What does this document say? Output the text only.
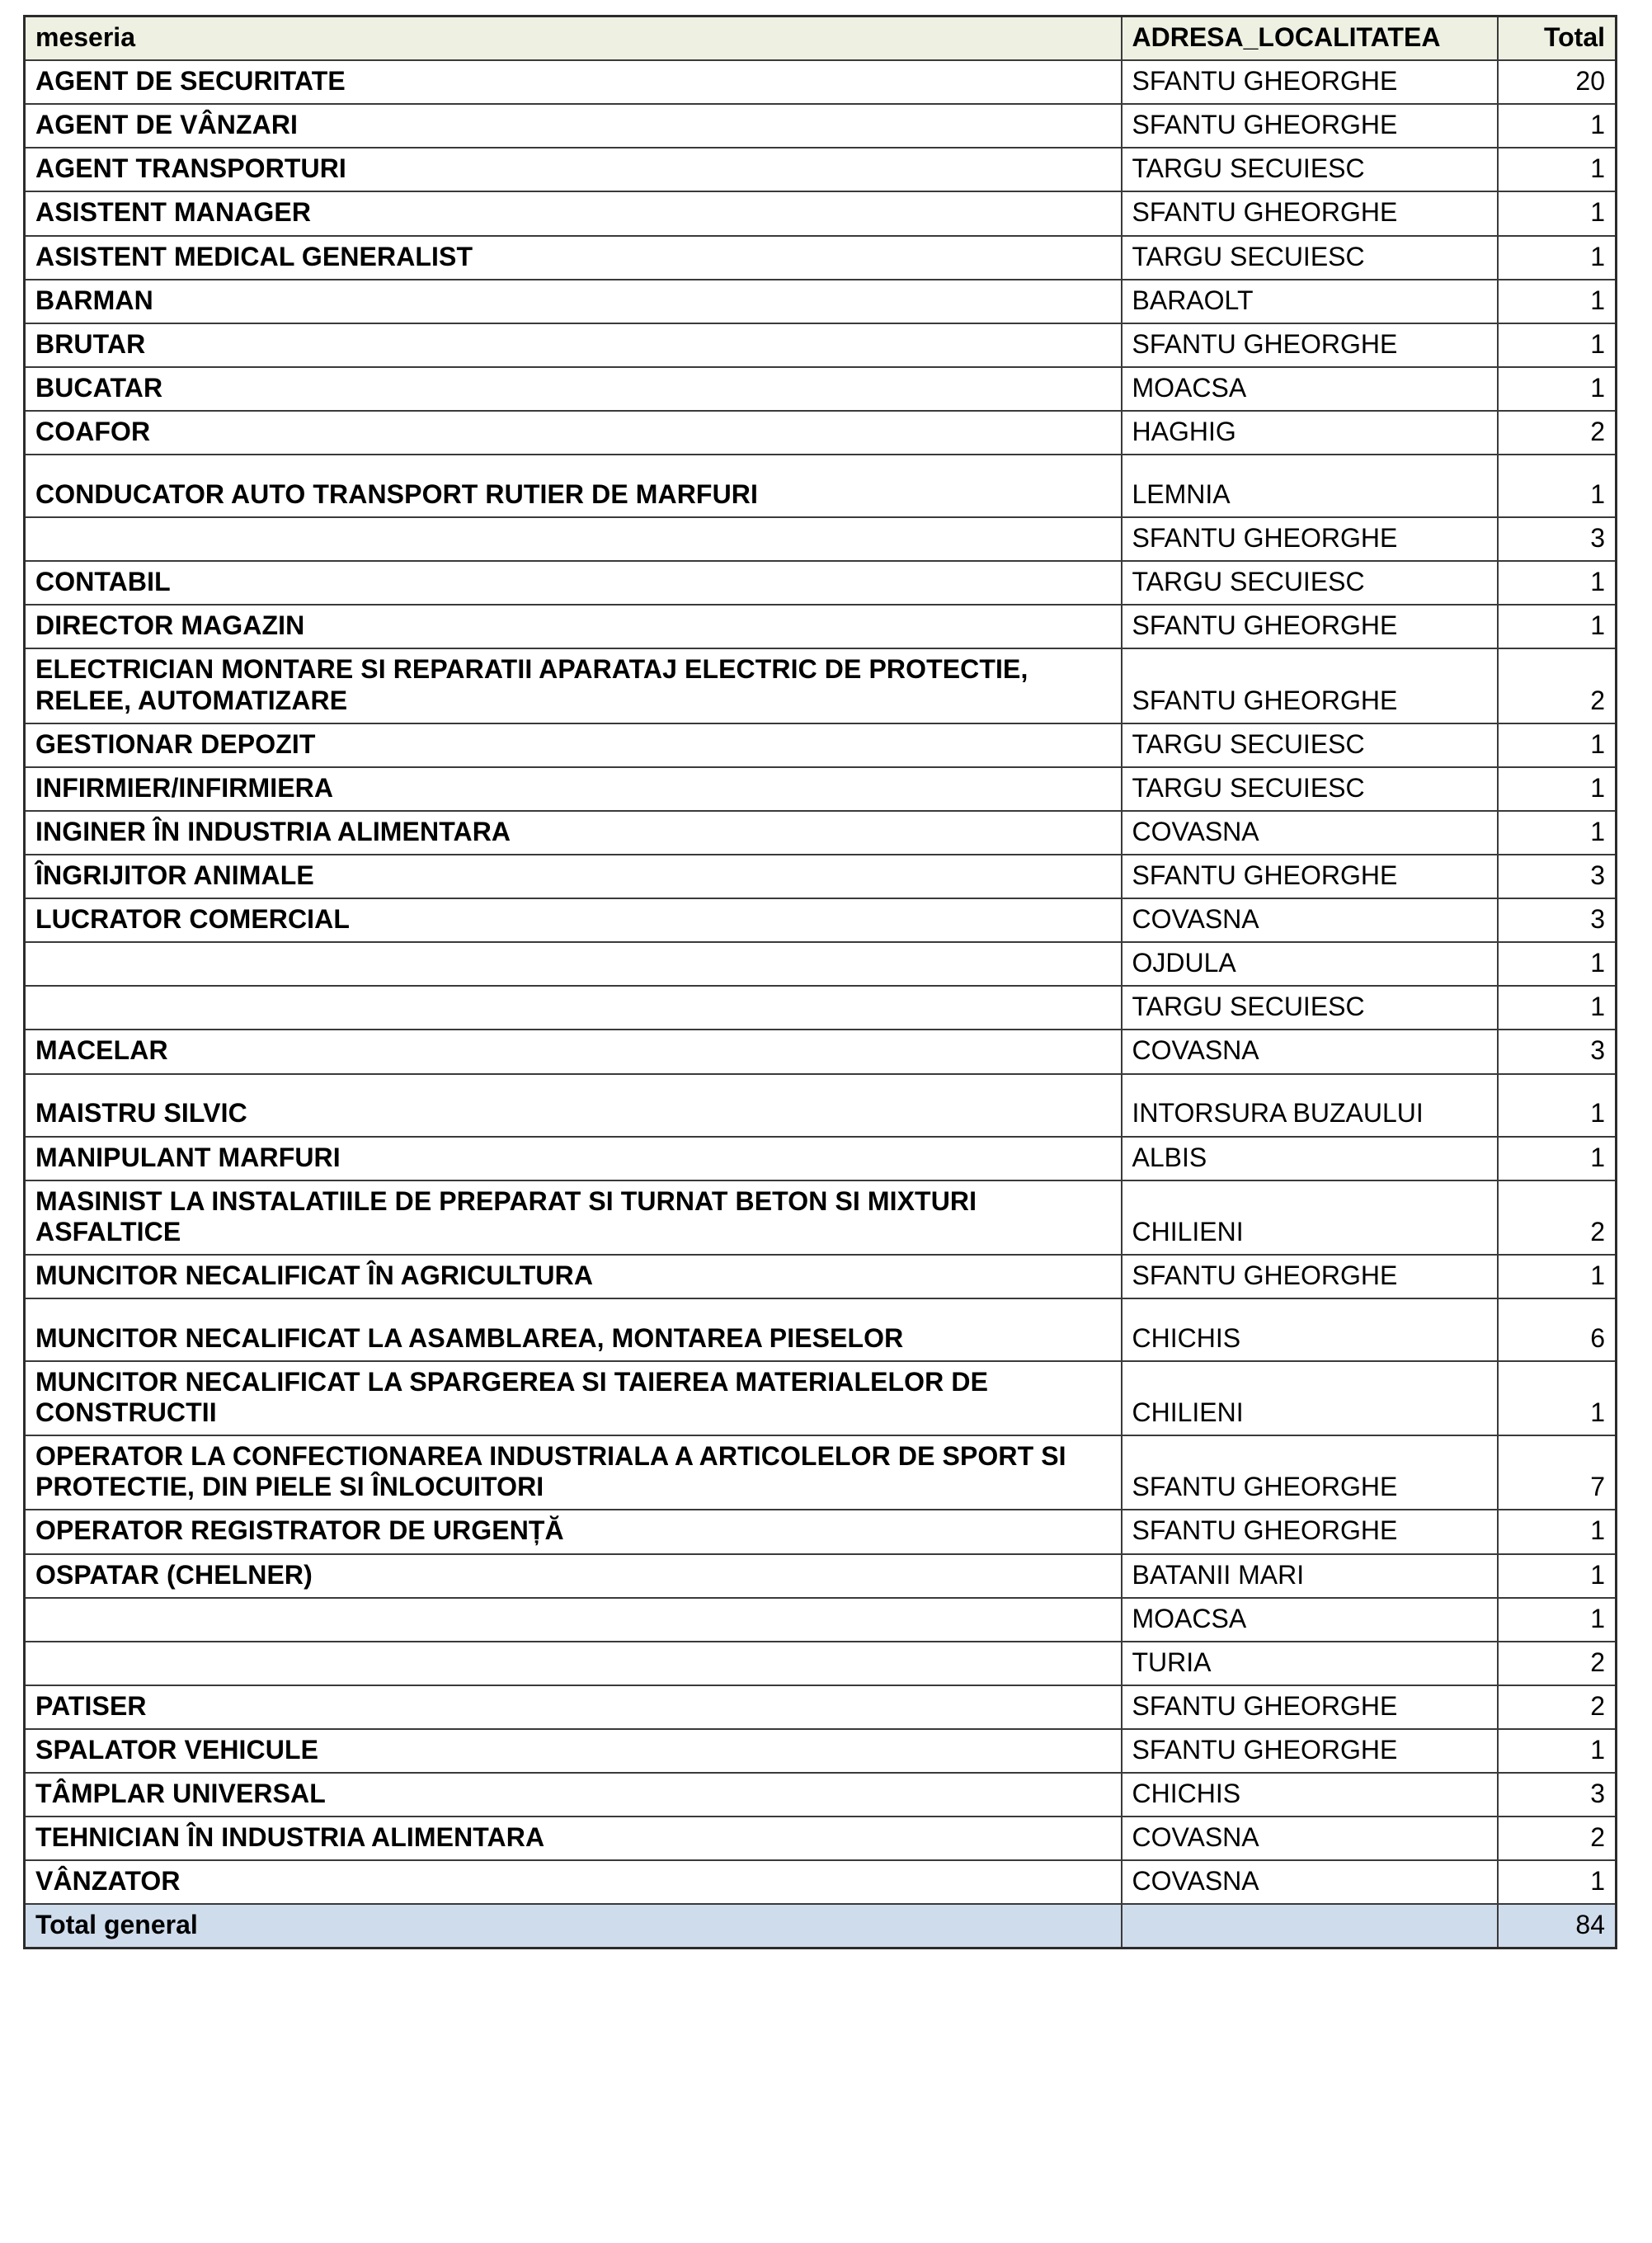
meseria	ADRESA_LOCALITATEA	Total
AGENT DE SECURITATE	SFANTU GHEORGHE	20
AGENT DE VÂNZARI	SFANTU GHEORGHE	1
AGENT TRANSPORTURI	TARGU SECUIESC	1
ASISTENT MANAGER	SFANTU GHEORGHE	1
ASISTENT MEDICAL GENERALIST	TARGU SECUIESC	1
BARMAN	BARAOLT	1
BRUTAR	SFANTU GHEORGHE	1
BUCATAR	MOACSA	1
COAFOR	HAGHIG	2
CONDUCATOR AUTO TRANSPORT RUTIER DE MARFURI	LEMNIA	1
	SFANTU GHEORGHE	3
CONTABIL	TARGU SECUIESC	1
DIRECTOR MAGAZIN	SFANTU GHEORGHE	1
ELECTRICIAN MONTARE SI REPARATII APARATAJ ELECTRIC DE PROTECTIE, RELEE, AUTOMATIZARE	SFANTU GHEORGHE	2
GESTIONAR DEPOZIT	TARGU SECUIESC	1
INFIRMIER/INFIRMIERA	TARGU SECUIESC	1
INGINER ÎN INDUSTRIA ALIMENTARA	COVASNA	1
ÎNGRIJITOR ANIMALE	SFANTU GHEORGHE	3
LUCRATOR COMERCIAL	COVASNA	3
	OJDULA	1
	TARGU SECUIESC	1
MACELAR	COVASNA	3
MAISTRU SILVIC	INTORSURA BUZAULUI	1
MANIPULANT MARFURI	ALBIS	1
MASINIST LA INSTALATIILE DE PREPARAT SI TURNAT BETON SI MIXTURI ASFALTICE	CHILIENI	2
MUNCITOR NECALIFICAT ÎN AGRICULTURA	SFANTU GHEORGHE	1
MUNCITOR NECALIFICAT LA ASAMBLAREA, MONTAREA PIESELOR	CHICHIS	6
MUNCITOR NECALIFICAT LA SPARGEREA SI TAIEREA MATERIALELOR DE CONSTRUCTII	CHILIENI	1
OPERATOR LA CONFECTIONAREA INDUSTRIALA A ARTICOLELOR DE SPORT SI PROTECTIE, DIN PIELE SI ÎNLOCUITORI	SFANTU GHEORGHE	7
OPERATOR REGISTRATOR DE URGENȚĂ	SFANTU GHEORGHE	1
OSPATAR (CHELNER)	BATANII MARI	1
	MOACSA	1
	TURIA	2
PATISER	SFANTU GHEORGHE	2
SPALATOR VEHICULE	SFANTU GHEORGHE	1
TÂMPLAR UNIVERSAL	CHICHIS	3
TEHNICIAN ÎN INDUSTRIA ALIMENTARA	COVASNA	2
VÂNZATOR	COVASNA	1
Total general		84
